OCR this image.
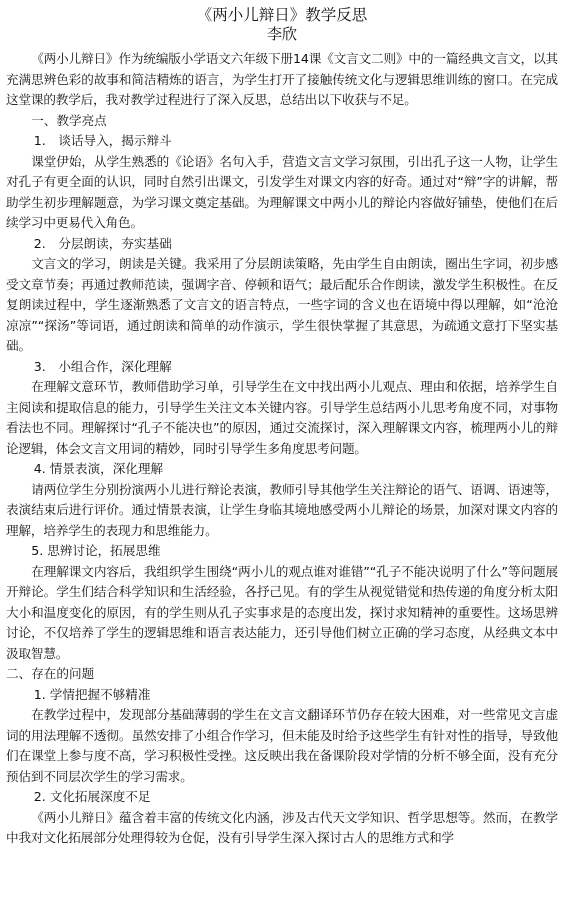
《两小儿辩日》教学反思
李欣

《两小儿辩日》作为统编版小学语文六年级下册14课《文言文二则》中的一篇经典文言文，以其充满思辨色彩的故事和简洁精炼的语言，为学生打开了接触传统文化与逻辑思维训练的窗口。在完成这堂课的教学后，我对教学过程进行了深入反思，总结出以下收获与不足。

一、教学亮点
1.　谈话导入，揭示辩斗

课堂伊始，从学生熟悉的《论语》名句入手，营造文言文学习氛围，引出孔子这一人物，让学生对孔子有更全面的认识，同时自然引出课文，引发学生对课文内容的好奇。通过对“辩”字的讲解，帮助学生初步理解题意，为学习课文奠定基础。为理解课文中两小儿的辩论内容做好铺垫，使他们在后续学习中更易代入角色。

2.　分层朗读，夯实基础

文言文的学习，朗读是关键。我采用了分层朗读策略，先由学生自由朗读，圈出生字词，初步感受文章节奏；再通过教师范读，强调字音、停顿和语气；最后配乐合作朗读，激发学生积极性。在反复朗读过程中，学生逐渐熟悉了文言文的语言特点，一些字词的含义也在语境中得以理解，如“沧沧凉凉”“探汤”等词语，通过朗读和简单的动作演示，学生很快掌握了其意思，为疏通文意打下坚实基础。

3.　小组合作，深化理解

在理解文意环节，教师借助学习单，引导学生在文中找出两小儿观点、理由和依据，培养学生自主阅读和提取信息的能力，引导学生关注文本关键内容。引导学生总结两小儿思考角度不同，对事物看法也不同。理解探讨“孔子不能决也”的原因，通过交流探讨，深入理解课文内容，梳理两小儿的辩论逻辑，体会文言文用词的精妙，同时引导学生多角度思考问题。

4. 情景表演，深化理解

请两位学生分别扮演两小儿进行辩论表演，教师引导其他学生关注辩论的语气、语调、语速等，表演结束后进行评价。通过情景表演，让学生身临其境地感受两小儿辩论的场景，加深对课文内容的理解，培养学生的表现力和思维能力。

5. 思辨讨论，拓展思维

在理解课文内容后，我组织学生围绕“两小儿的观点谁对谁错”“孔子不能决说明了什么”等问题展开辩论。学生们结合科学知识和生活经验，各抒己见。有的学生从视觉错觉和热传递的角度分析太阳大小和温度变化的原因，有的学生则从孔子实事求是的态度出发，探讨求知精神的重要性。这场思辨讨论，不仅培养了学生的逻辑思维和语言表达能力，还引导他们树立正确的学习态度，从经典文本中汲取智慧。

二、存在的问题
1. 学情把握不够精准

在教学过程中，发现部分基础薄弱的学生在文言文翻译环节仍存在较大困难，对一些常见文言虚词的用法理解不透彻。虽然安排了小组合作学习，但未能及时给予这些学生有针对性的指导，导致他们在课堂上参与度不高，学习积极性受挫。这反映出我在备课阶段对学情的分析不够全面，没有充分预估到不同层次学生的学习需求。

2. 文化拓展深度不足

《两小儿辩日》蕴含着丰富的传统文化内涵，涉及古代天文学知识、哲学思想等。然而，在教学中我对文化拓展部分处理得较为仓促，没有引导学生深入探讨古人的思维方式和学
